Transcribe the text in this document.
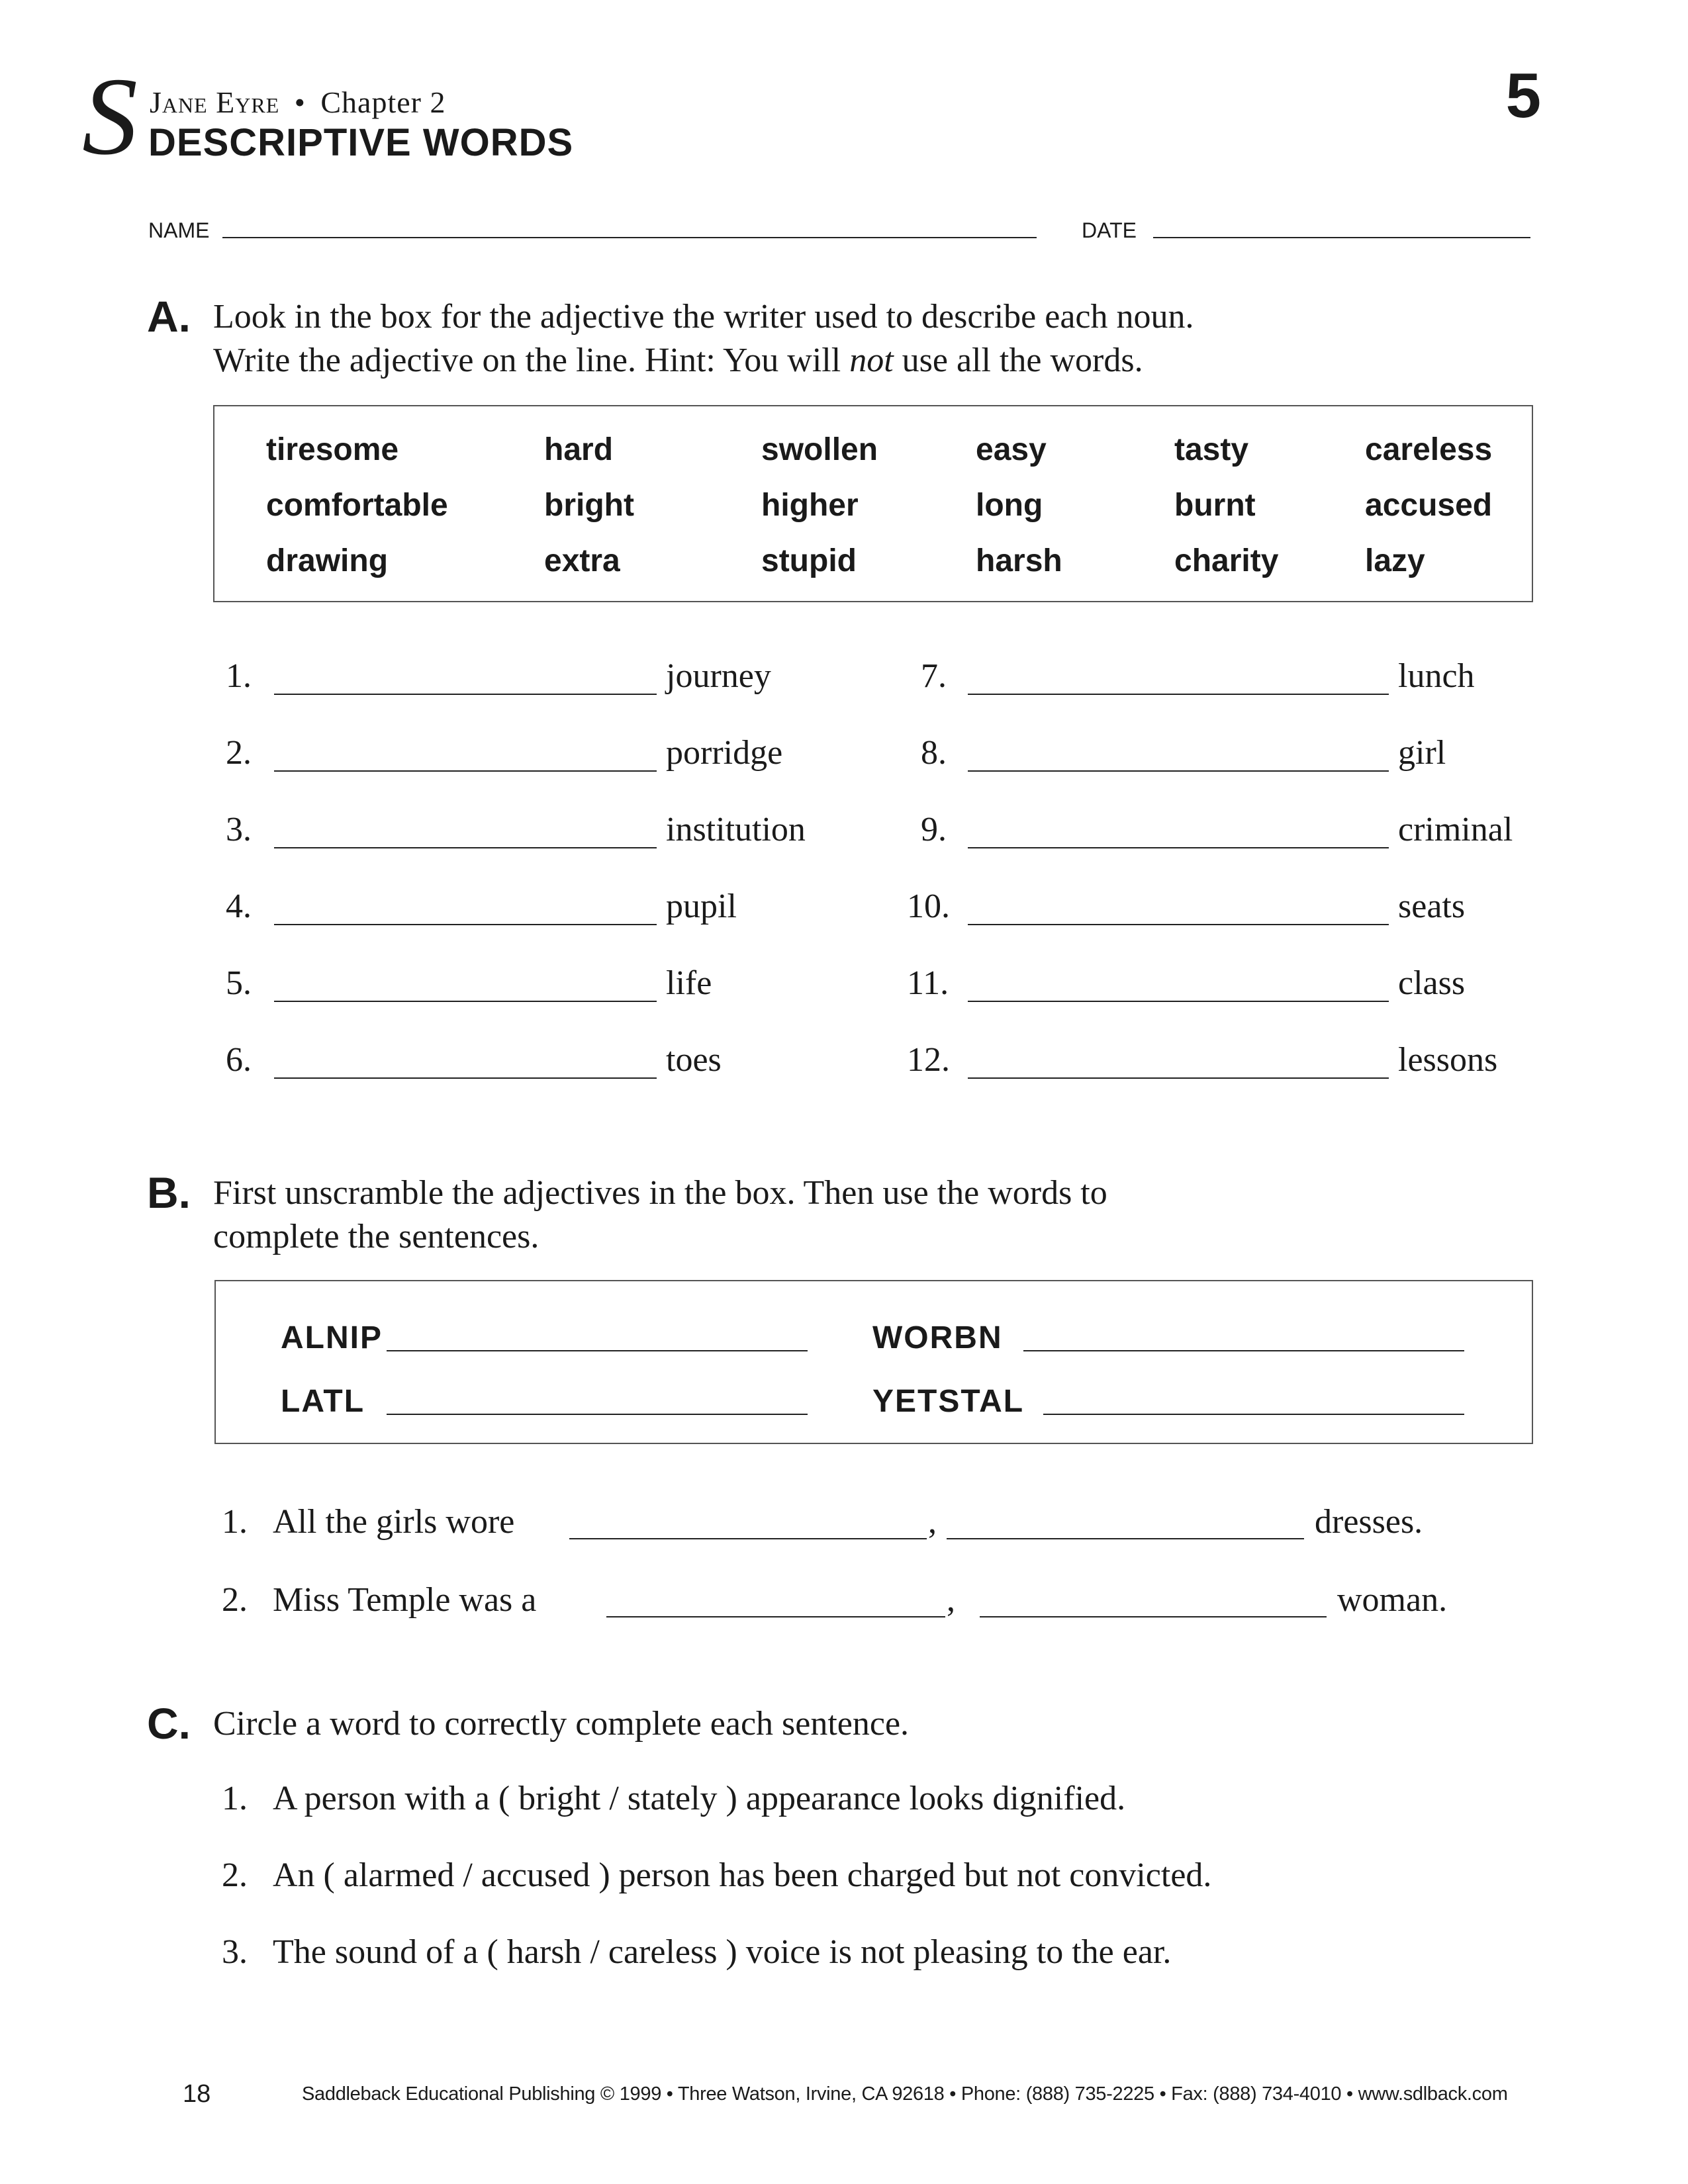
S Jane Eyre • Chapter 2
DESCRIPTIVE WORDS
5
NAME	DATE
A. Look in the box for the adjective the writer used to describe each noun.
Write the adjective on the line. Hint: You will not use all the words.
tiresome	hard	swollen	easy	tasty	careless
comfortable	bright	higher	long	burnt	accused
drawing	extra	stupid	harsh	charity	lazy
1.	journey
2.	porridge
3.	institution
4.	pupil
5.	life
6.	toes
7.	lunch
8.	girl
9.	criminal
10.	seats
11.	class
12.	lessons
B. First unscramble the adjectives in the box. Then use the words to
complete the sentences.
ALNIP	WORBN
LATL	YETSTAL
1. All the girls wore	,	dresses.
2. Miss Temple was a	,	woman.
C. Circle a word to correctly complete each sentence.
1. A person with a ( bright / stately ) appearance looks dignified.
2. An ( alarmed / accused ) person has been charged but not convicted.
3. The sound of a ( harsh / careless ) voice is not pleasing to the ear.
18	Saddleback Educational Publishing © 1999 • Three Watson, Irvine, CA 92618 • Phone: (888) 735-2225 • Fax: (888) 734-4010 • www.sdlback.com
